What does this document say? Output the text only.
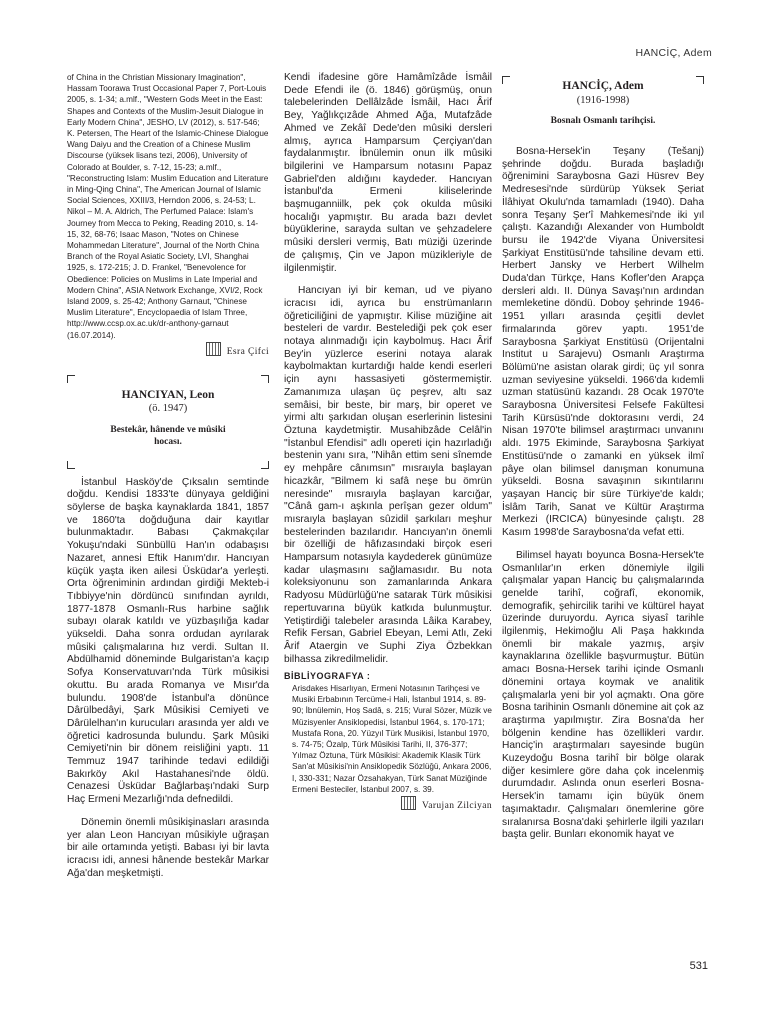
HANCİÇ, Adem
of China in the Christian Missionary Imagination", Hassam Toorawa Trust Occasional Paper 7, Port-Louis 2005, s. 1-34; a.mlf., "Western Gods Meet in the East: Shapes and Contexts of the Muslim-Jesuit Dialogue in Early Modern China", JESHO, LV (2012), s. 517-546; K. Petersen, The Heart of the Islamic-Chinese Dialogue Wang Daiyu and the Creation of a Chinese Muslim Discourse (yüksek lisans tezi, 2006), University of Colorado at Boulder, s. 7-12, 15-23; a.mlf., "Reconstructing Islam: Muslim Education and Literature in Ming-Qing China", The American Journal of Islamic Social Sciences, XXIII/3, Herndon 2006, s. 24-53; L. Nikol – M. A. Aldrich, The Perfumed Palace: Islam's Journey from Mecca to Peking, Reading 2010, s. 14-15, 32, 68-76; Isaac Mason, "Notes on Chinese Mohammedan Literature", Journal of the North China Branch of the Royal Asiatic Society, LVI, Shanghai 1925, s. 172-215; J. D. Frankel, "Benevolence for Obedience: Policies on Muslims in Late Imperial and Modern China", ASIA Network Exchange, XVI/2, Rock Island 2009, s. 25-42; Anthony Garnaut, "Chinese Muslim Literature", Encyclopaedia of Islam Three, http://www.ccsp.ox.ac.uk/dr-anthony-garnaut (16.07.2014).
Esra Çifci
HANCIYAN, Leon
(ö. 1947)
Bestekâr, hânende ve mûsiki hocası.

İstanbul Hasköy'de Çıksalın semtinde doğdu. Kendisi 1833'te dünyaya geldiğini söylerse de başka kaynaklarda 1841, 1857 ve 1860'ta doğduğuna dair kayıtlar bulunmaktadır. Babası Çakmakçılar Yokuşu'ndaki Sünbüllü Han'ın odabaşısı Nazaret, annesi Eftik Hanım'dır. Hancıyan küçük yaşta iken ailesi Üsküdar'a yerleşti. Orta öğreniminin ardından girdiği Mekteb-i Tıbbiyye'nin dördüncü sınıfından ayrıldı, 1877-1878 Osmanlı-Rus harbine sağlık subayı olarak katıldı ve yüzbaşılığa kadar yükseldi. Daha sonra ordudan ayrılarak mûsiki çalışmalarına hız verdi. Sultan II. Abdülhamid döneminde Bulgaristan'a kaçıp Sofya Konservatuvarı'nda Türk mûsikisi okuttu. Bu arada Romanya ve Mısır'da bulundu. 1908'de İstanbul'a dönünce Dârülbedâyi, Şark Mûsikisi Cemiyeti ve Dârülelhan'ın kurucuları arasında yer aldı ve öğretici kadrosunda bulundu. Şark Mûsiki Cemiyeti'nin bir dönem reisliğini yaptı. 11 Temmuz 1947 tarihinde tedavi edildiği Bakırköy Akıl Hastahanesi'nde öldü. Cenazesi Üsküdar Bağlarbaşı'ndaki Surp Haç Ermeni Mezarlığı'nda defnedildi.

Dönemin önemli mûsikişinasları arasında yer alan Leon Hancıyan mûsikiyle uğraşan bir aile ortamında yetişti. Babası iyi bir lavta icracısı idi, annesi hânende bestekâr Markar Ağa'dan meşketmişti.

Kendi ifadesine göre Hamâmîzâde İsmâil Dede Efendi ile (ö. 1846) görüşmüş, onun talebelerinden Dellâlzâde İsmâil, Hacı Ârif Bey, Yağlıkçızâde Ahmed Ağa, Mutafzâde Ahmed ve Zekâî Dede'den mûsiki dersleri almış, ayrıca Hamparsum Çerçiyan'dan faydalanmıştır. İbnülemin onun ilk mûsiki bilgilerini ve Hamparsum notasını Papaz Gabriel'den aldığını kaydeder. Hancıyan İstanbul'da Ermeni kiliselerinde başmuganniilk, pek çok okulda mûsiki hocalığı yapmıştır. Bu arada bazı devlet büyüklerine, sarayda sultan ve şehzadelere mûsiki dersleri vermiş, Batı müziği üzerinde de çalışmış, Çin ve Japon müzikleriyle de ilgilenmiştir.

Hancıyan iyi bir keman, ud ve piyano icracısı idi, ayrıca bu enstrümanların öğreticiliğini de yapmıştır. Kilise müziğine ait besteleri de vardır. Bestelediği pek çok eser notaya alınmadığı için kaybolmuş. Hacı Ârif Bey'in yüzlerce eserini notaya alarak kaybolmaktan kurtardığı halde kendi eserleri için aynı hassasiyeti göstermemiştir. Zamanımıza ulaşan üç peşrev, altı saz semâisi, bir beste, bir marş, bir operet ve yirmi altı şarkıdan oluşan eserlerinin listesini Öztuna kaydetmiştir. Musahibzâde Celâl'in "İstanbul Efendisi" adlı opereti için hazırladığı bestenin yanı sıra, "Nihân ettim seni sînemde ey mehpâre cânımsın" mısraıyla başlayan hicazkâr, "Bilmem ki safâ neşe bu ömrün neresinde" mısraıyla başlayan karcığar, "Cânâ gam-ı aşkınla perîşan gezer oldum" mısraıyla başlayan sûzidil şarkıları meşhur bestelerinden bazılarıdır. Hancıyan'ın önemli bir özelliği de hâfızasındaki birçok eseri Hamparsum notasıyla kaydederek günümüze kadar ulaşmasını sağlamasıdır. Bu nota koleksiyonunu son zamanlarında Ankara Radyosu Müdürlüğü'ne satarak Türk mûsikisi repertuvarına büyük katkıda bulunmuştur. Yetiştirdiği talebeler arasında Lâika Karabey, Refik Fersan, Gabriel Ebeyan, Lemi Atlı, Zeki Ârif Ataergin ve Suphi Ziya Özbekkan bilhassa zikredilmelidir.

BİBLİYOGRAFYA :
Arisdakes Hisarlıyan, Ermeni Notasının Tarihçesi ve Musiki Erbabının Tercüme-i Hali, İstanbul 1914, s. 89-90; İbnülemin, Hoş Sadâ, s. 215; Vural Sözer, Müzik ve Müzisyenler Ansiklopedisi, İstanbul 1964, s. 170-171; Mustafa Rona, 20. Yüzyıl Türk Musikisi, İstanbul 1970, s. 74-75; Özalp, Türk Mûsikisi Tarihi, II, 376-377; Yılmaz Öztuna, Türk Mûsikisi: Akademik Klasik Türk San'at Mûsikisi'nin Ansiklopedik Sözlüğü, Ankara 2006, I, 330-331; Nazar Özsahakyan, Türk Sanat Müziğinde Ermeni Besteciler, İstanbul 2007, s. 39.
Varujan Zilciyan
HANCİÇ, Adem
(1916-1998)
Bosnalı Osmanlı tarihçisi.

Bosna-Hersek'in Teşany (Tešanj) şehrinde doğdu. Burada başladığı öğrenimini Saraybosna Gazi Hüsrev Bey Medresesi'nde sürdürüp Yüksek Şeriat İlâhiyat Okulu'nda tamamladı (1940). Daha sonra Teşany Şer'î Mahkemesi'nde iki yıl çalıştı. Kazandığı Alexander von Humboldt bursu ile 1942'de Viyana Üniversitesi Şarkiyat Enstitüsü'nde tahsiline devam etti. Herbert Jansky ve Herbert Wilhelm Duda'dan Türkçe, Hans Kofler'den Arapça dersleri aldı. II. Dünya Savaşı'nın ardından memleketine döndü. Doboy şehrinde 1946-1951 yılları arasında çeşitli devlet firmalarında görev yaptı. 1951'de Saraybosna Şarkiyat Enstitüsü (Orijentalni Institut u Sarajevu) Osmanlı Araştırma Bölümü'ne asistan olarak girdi; üç yıl sonra uzman seviyesine yükseldi. 1966'da kıdemli uzman statüsünü kazandı. 28 Ocak 1970'te Saraybosna Üniversitesi Felsefe Fakültesi Tarih Kürsüsü'nde doktorasını verdi, 24 Nisan 1970'te bilimsel araştırmacı unvanını aldı. 1975 Ekiminde, Saraybosna Şarkiyat Enstitüsü'nde o zamanki en yüksek ilmî pâye olan bilimsel danışman konumuna yükseldi. Bosna savaşının sıkıntılarını yaşayan Hanciç bir süre Türkiye'de kaldı; İslâm Tarih, Sanat ve Kültür Araştırma Merkezi (IRCICA) bünyesinde çalıştı. 28 Kasım 1998'de Saraybosna'da vefat etti.

Bilimsel hayatı boyunca Bosna-Hersek'te Osmanlılar'ın erken dönemiyle ilgili çalışmalar yapan Hanciç bu çalışmalarında genelde tarihî, coğrafî, ekonomik, demografik, şehircilik tarihi ve kültürel hayat üzerinde duruyordu. Ayrıca siyasî tarihle ilgilenmiş, Hekimoğlu Ali Paşa hakkında önemli bir makale yazmış, arşiv kaynaklarına özellikle başvurmuştur. Bütün amacı Bosna-Hersek tarihi içinde Osmanlı dönemini ortaya koymak ve analitik çalışmalarla yeni bir yol açmaktı. Ona göre Bosna tarihinin Osmanlı dönemine ait çok az araştırma yapılmıştır. Zira Bosna'da her bölgenin kendine has özellikleri vardır. Hanciç'in araştırmaları sayesinde bugün Kuzeydoğu Bosna tarihî bir bölge olarak diğer kesimlere göre daha çok incelenmiş durumdadır. Aslında onun eserleri Bosna-Hersek'in tamamı için büyük önem taşımaktadır. Çalışmaları önemlerine göre sıralanırsa Bosna'daki şehirlerle ilgili yazıları başta gelir. Bunları ekonomik hayat ve

531
